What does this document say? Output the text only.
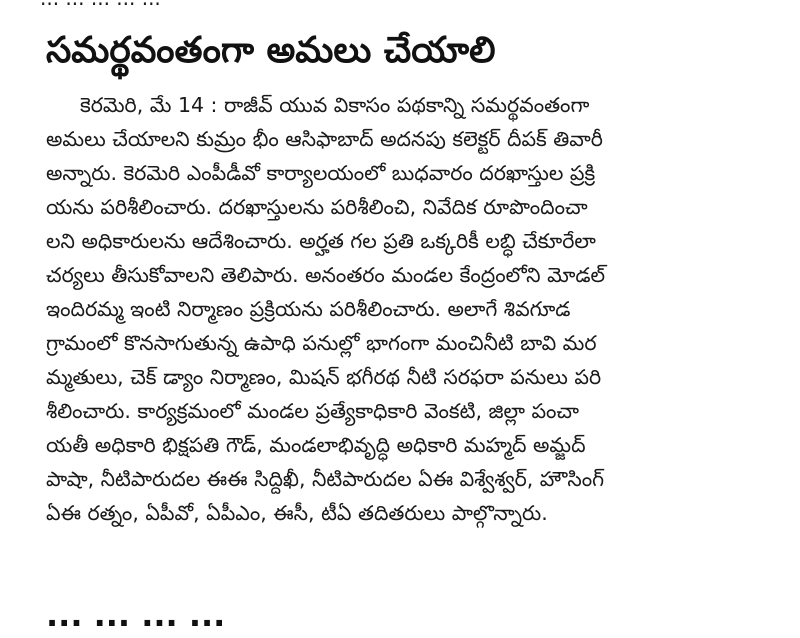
సమర్థవంతంగా అమలు చేయాలి
కెరమెరి, మే 14 : రాజీవ్ యువ వికాసం పథకాన్ని సమర్థవంతంగా
అమలు చేయాలని కుమ్రం భీం ఆసిఫాబాద్ అదనపు కలెక్టర్ దీపక్ తివారీ
అన్నారు. కెరమెరి ఎంపీడీవో కార్యాలయంలో బుధవారం దరఖాస్తుల ప్రక్రి
యను పరిశీలించారు. దరఖాస్తులను పరిశీలించి, నివేదిక రూపొందించా
లని అధికారులను ఆదేశించారు. అర్హత గల ప్రతి ఒక్కరికీ లబ్ధి చేకూరేలా
చర్యలు తీసుకోవాలని తెలిపారు. అనంతరం మండల కేంద్రంలోని మోడల్
ఇందిరమ్మ ఇంటి నిర్మాణం ప్రక్రియను పరిశీలించారు. అలాగే శివగూడ
గ్రామంలో కొనసాగుతున్న ఉపాధి పనుల్లో భాగంగా మంచినీటి బావి మర
మ్మతులు, చెక్ డ్యాం నిర్మాణం, మిషన్ భగీరథ నీటి సరఫరా పనులు పరి
శీలించారు. కార్యక్రమంలో మండల ప్రత్యేకాధికారి వెంకటి, జిల్లా పంచా
యతీ అధికారి భిక్షపతి గౌడ్, మండలాభివృద్ధి అధికారి మహ్మద్ అమ్జద్
పాషా, నీటిపారుదల ఈఈ సిద్దిఖీ, నీటిపారుదల ఏఈ విశ్వేశ్వర్, హౌసింగ్
ఏఈ రత్నం, ఏపీవో, ఏపీఎం, ఈసీ, టీఏ తదితరులు పాల్గొన్నారు.
... ... ... ...
